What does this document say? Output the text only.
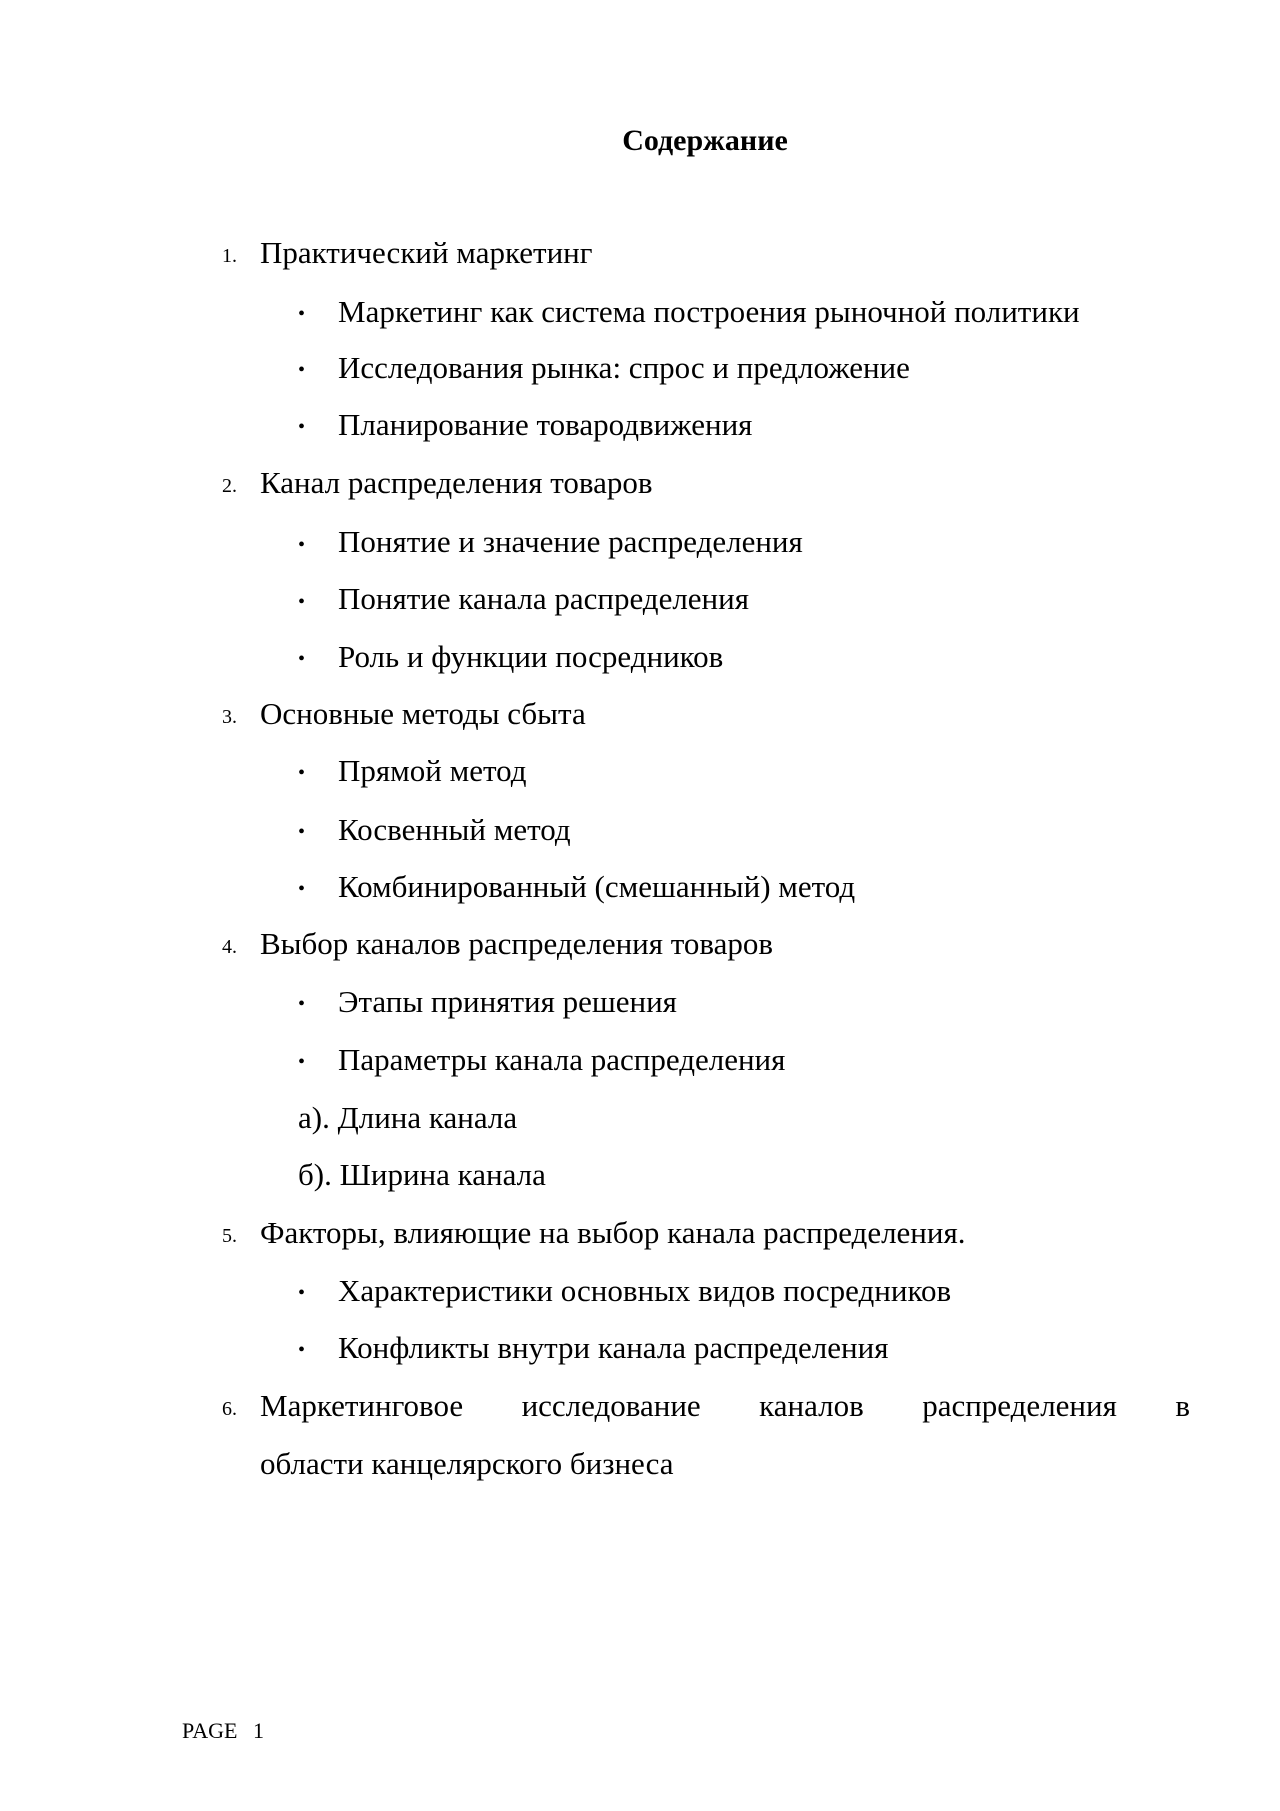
Содержание
1. Практический маркетинг
• Маркетинг как система построения рыночной политики
• Исследования рынка: спрос и предложение
• Планирование товародвижения
2. Канал распределения товаров
• Понятие и значение распределения
• Понятие канала распределения
• Роль и функции посредников
3. Основные методы сбыта
• Прямой метод
• Косвенный метод
• Комбинированный (смешанный) метод
4. Выбор каналов распределения товаров
• Этапы принятия решения
• Параметры канала распределения
а). Длина канала
б). Ширина канала
5. Факторы, влияющие на выбор канала распределения.
• Характеристики основных видов посредников
• Конфликты внутри канала распределения
6. Маркетинговое исследование каналов распределения в
области канцелярского бизнеса
PAGE 1
